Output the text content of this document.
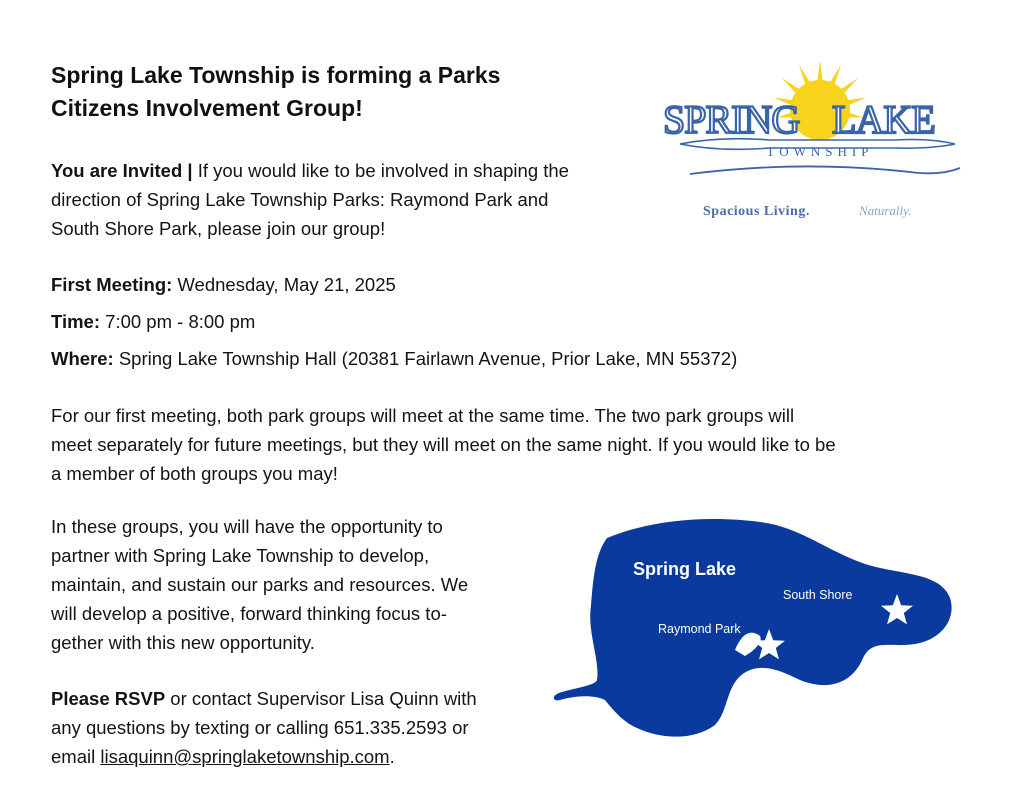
Spring Lake Township is forming a Parks
Citizens Involvement Group!
You are Invited | If you would like to be involved in shaping the
direction of Spring Lake Township Parks: Raymond Park and
South Shore Park, please join our group!
First Meeting: Wednesday, May 21, 2025
Time: 7:00 pm - 8:00 pm
Where: Spring Lake Township Hall (20381 Fairlawn Avenue, Prior Lake, MN 55372)
For our first meeting, both park groups will meet at the same time. The two park groups will
meet separately for future meetings, but they will meet on the same night. If you would like to be
a member of both groups you may!
In these groups, you will have the opportunity to
partner with Spring Lake Township to develop,
maintain, and sustain our parks and resources. We
will develop a positive, forward thinking focus to-
gether with this new opportunity.
Please RSVP or contact Supervisor Lisa Quinn with
any questions by texting or calling 651.335.2593 or
email lisaquinn@springlaketownship.com.
SPRING LAKE
TOWNSHIP
Spacious Living.	Naturally.
Spring Lake
South Shore
Raymond Park
